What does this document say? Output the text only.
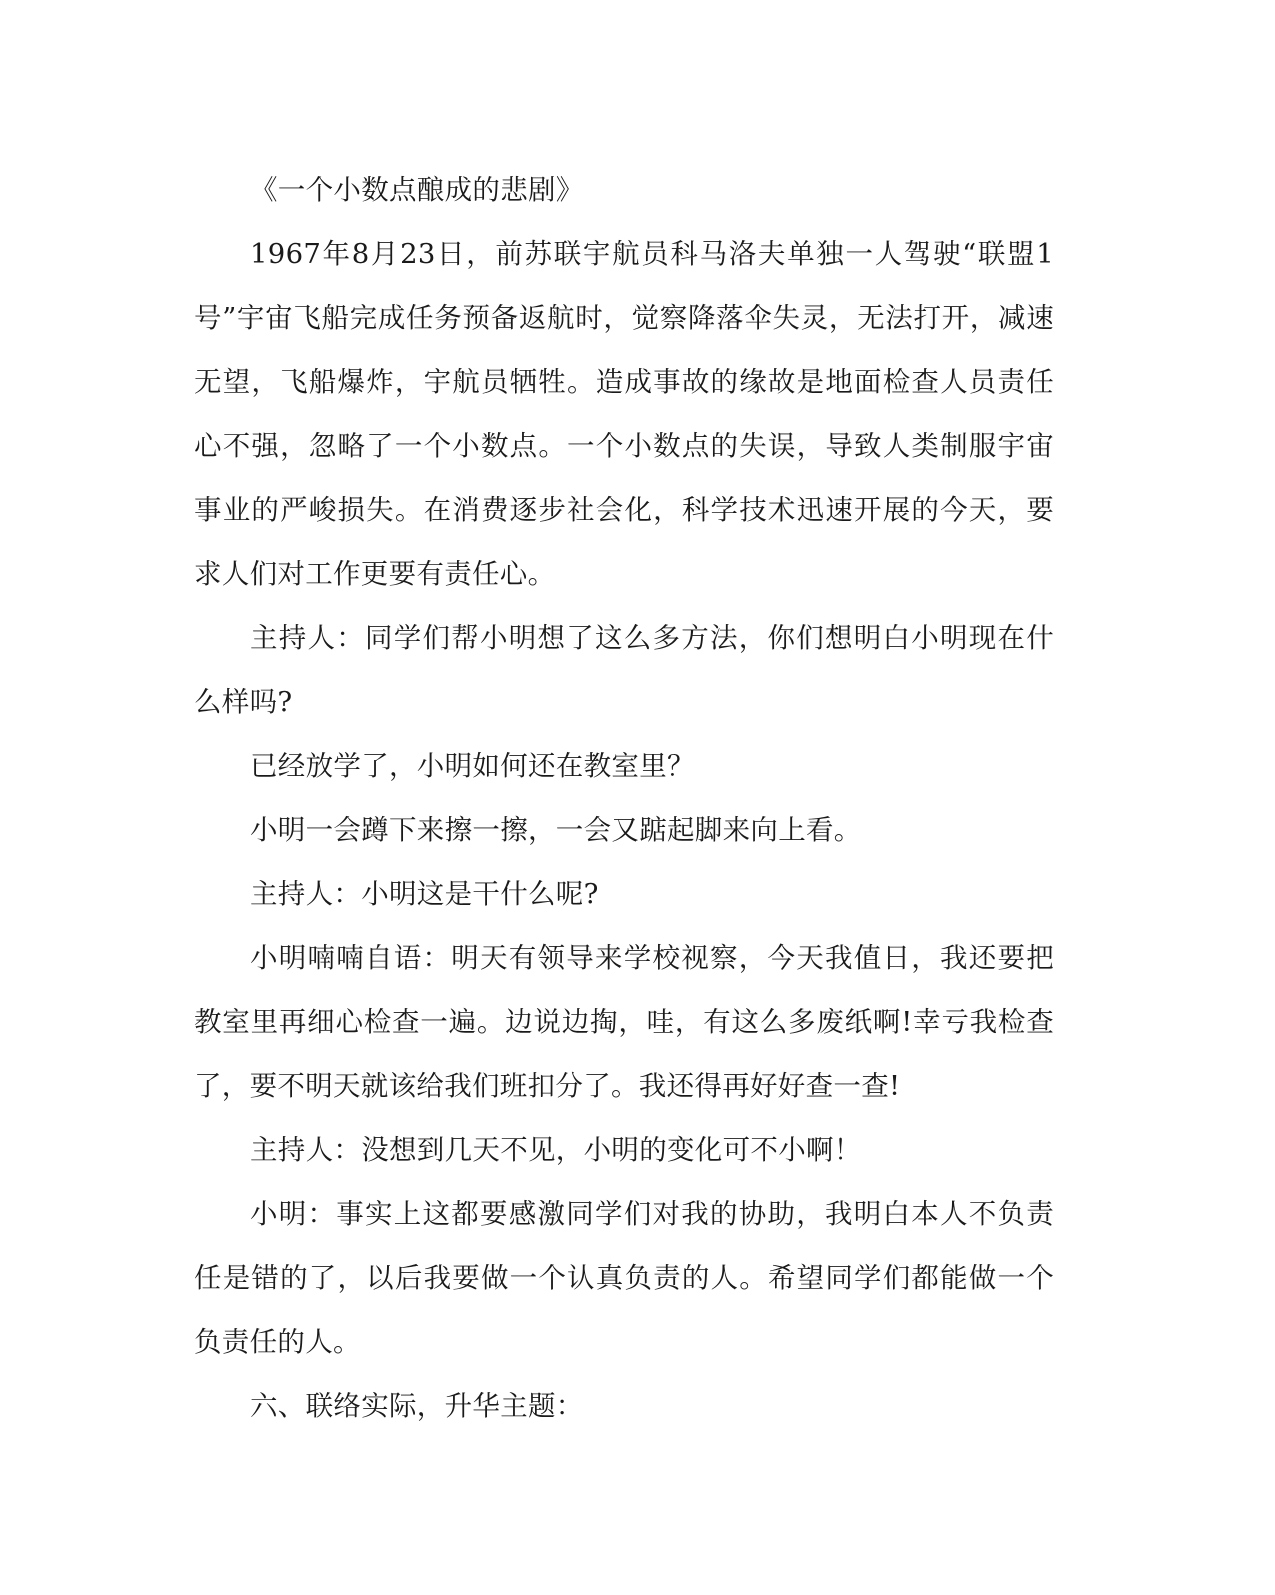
《一个小数点酿成的悲剧》

1967年8月23日，前苏联宇航员科马洛夫单独一人驾驶“联盟1号”宇宙飞船完成任务预备返航时，觉察降落伞失灵，无法打开，减速无望，飞船爆炸，宇航员牺牲。造成事故的缘故是地面检查人员责任心不强，忽略了一个小数点。一个小数点的失误，导致人类制服宇宙事业的严峻损失。在消费逐步社会化，科学技术迅速开展的今天，要求人们对工作更要有责任心。

主持人：同学们帮小明想了这么多方法，你们想明白小明现在什么样吗?

已经放学了，小明如何还在教室里？

小明一会蹲下来擦一擦，一会又踮起脚来向上看。

主持人：小明这是干什么呢?

小明喃喃自语：明天有领导来学校视察，今天我值日，我还要把教室里再细心检查一遍。边说边掏，哇，有这么多废纸啊!幸亏我检查了，要不明天就该给我们班扣分了。我还得再好好查一查!

主持人：没想到几天不见，小明的变化可不小啊！

小明：事实上这都要感激同学们对我的协助，我明白本人不负责任是错的了，以后我要做一个认真负责的人。希望同学们都能做一个负责任的人。

六、联络实际，升华主题：
